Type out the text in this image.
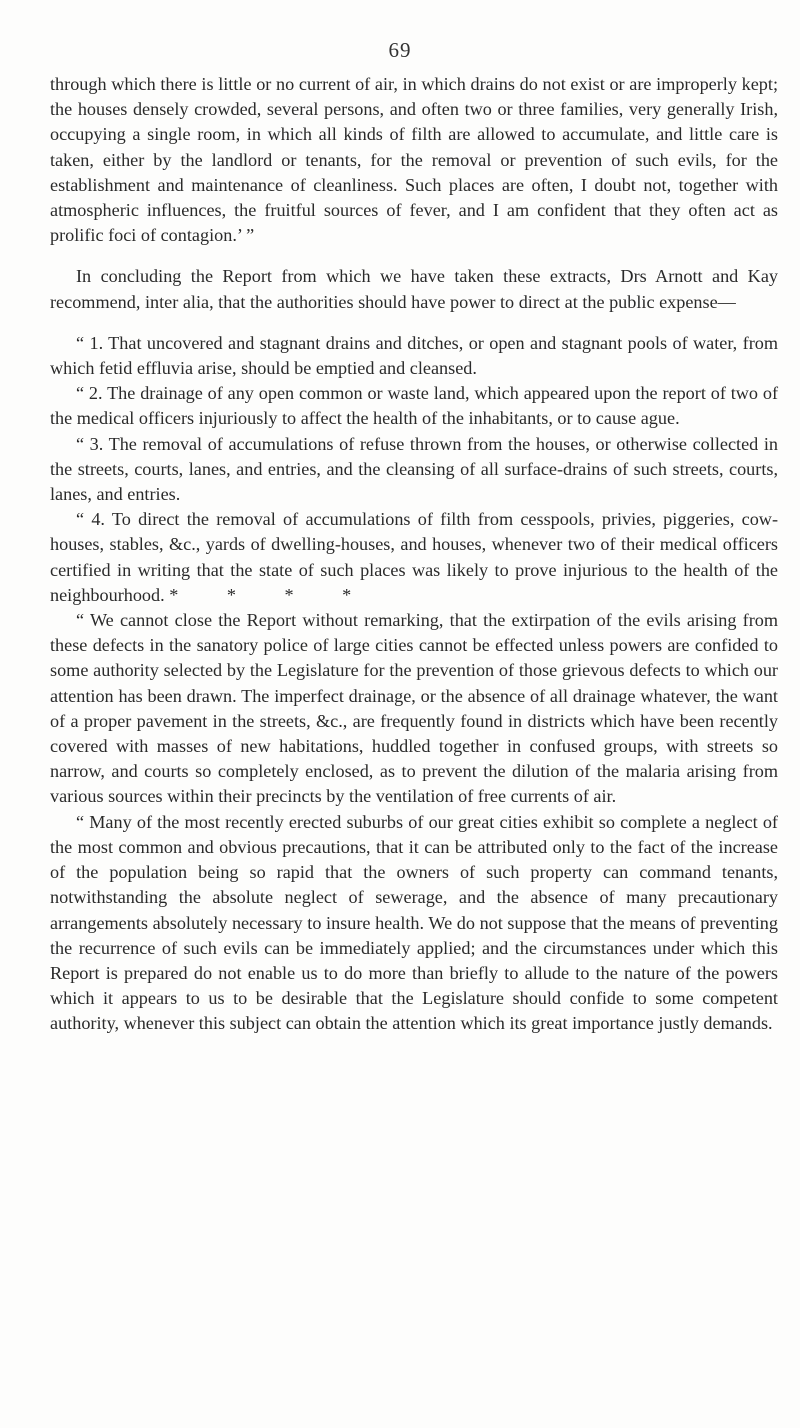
69

through which there is little or no current of air, in which drains do not exist or are improperly kept; the houses densely crowded, several persons, and often two or three families, very generally Irish, occupying a single room, in which all kinds of filth are allowed to accumulate, and little care is taken, either by the landlord or tenants, for the removal or prevention of such evils, for the establishment and maintenance of cleanliness. Such places are often, I doubt not, together with atmospheric influences, the fruitful sources of fever, and I am confident that they often act as prolific foci of contagion.’ ”

In concluding the Report from which we have taken these extracts, Drs Arnott and Kay recommend, inter alia, that the authorities should have power to direct at the public expense—

“ 1. That uncovered and stagnant drains and ditches, or open and stagnant pools of water, from which fetid effluvia arise, should be emptied and cleansed.

“ 2. The drainage of any open common or waste land, which appeared upon the report of two of the medical officers injuriously to affect the health of the inhabitants, or to cause ague.

“ 3. The removal of accumulations of refuse thrown from the houses, or otherwise collected in the streets, courts, lanes, and entries, and the cleansing of all surface-drains of such streets, courts, lanes, and entries.

“ 4. To direct the removal of accumulations of filth from cesspools, privies, piggeries, cow-houses, stables, &c., yards of dwelling-houses, and houses, whenever two of their medical officers certified in writing that the state of such places was likely to prove injurious to the health of the neighbourhood. * * * *

“ We cannot close the Report without remarking, that the extirpation of the evils arising from these defects in the sanatory police of large cities cannot be effected unless powers are confided to some authority selected by the Legislature for the prevention of those grievous defects to which our attention has been drawn. The imperfect drainage, or the absence of all drainage whatever, the want of a proper pavement in the streets, &c., are frequently found in districts which have been recently covered with masses of new habitations, huddled together in confused groups, with streets so narrow, and courts so completely enclosed, as to prevent the dilution of the malaria arising from various sources within their precincts by the ventilation of free currents of air.

“ Many of the most recently erected suburbs of our great cities exhibit so complete a neglect of the most common and obvious precautions, that it can be attributed only to the fact of the increase of the population being so rapid that the owners of such property can command tenants, notwithstanding the absolute neglect of sewerage, and the absence of many precautionary arrangements absolutely necessary to insure health. We do not suppose that the means of preventing the recurrence of such evils can be immediately applied; and the circumstances under which this Report is prepared do not enable us to do more than briefly to allude to the nature of the powers which it appears to us to be desirable that the Legislature should confide to some competent authority, whenever this subject can obtain the attention which its great importance justly demands.
